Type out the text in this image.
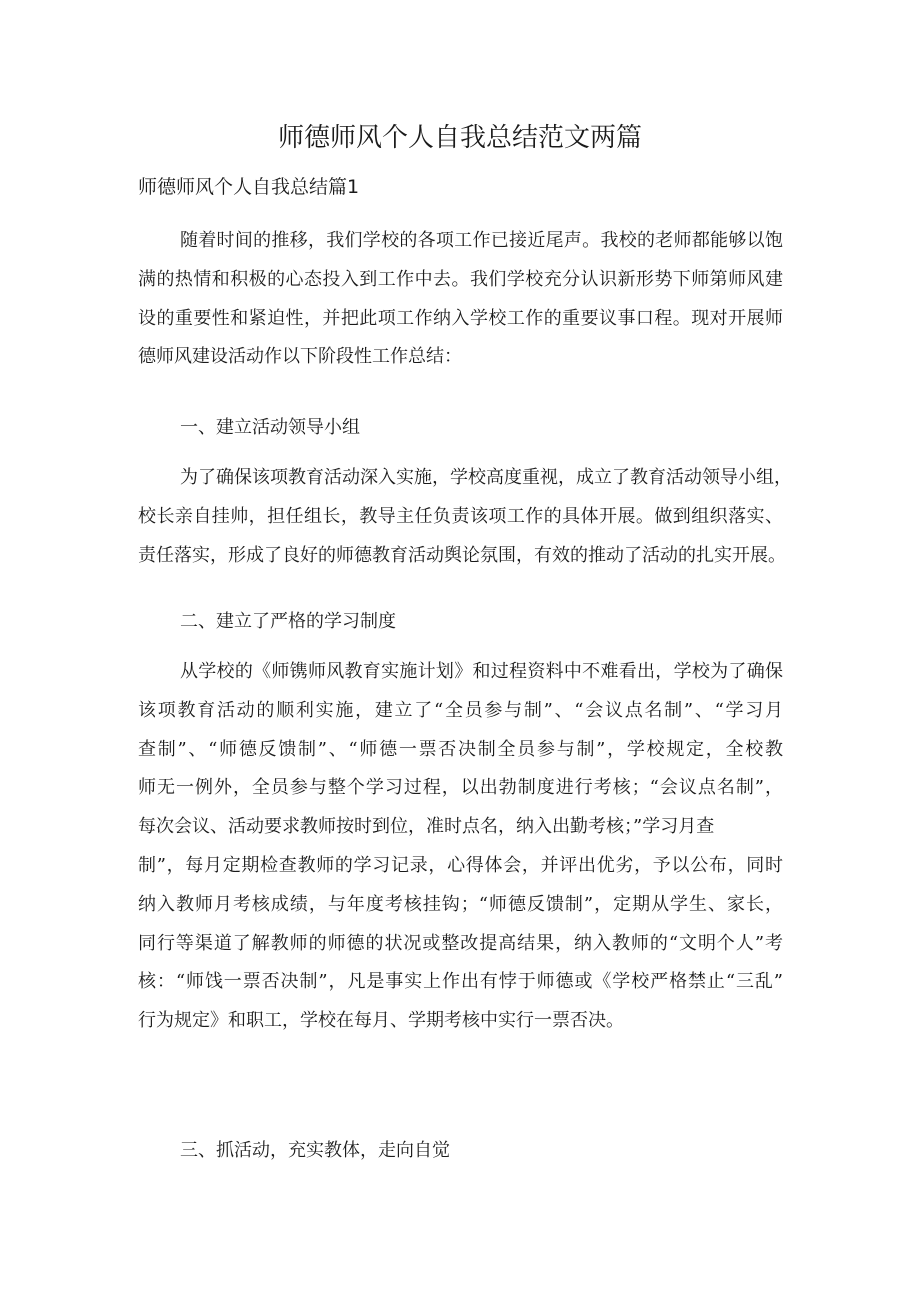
师德师风个人自我总结范文两篇
师德师风个人自我总结篇1
随着时间的推移，我们学校的各项工作已接近尾声。我校的老师都能够以饱
满的热情和积极的心态投入到工作中去。我们学校充分认识新形势下师第师风建
设的重要性和紧迫性，并把此项工作纳入学校工作的重要议事口程。现对开展师
德师风建设活动作以下阶段性工作总结：
一、建立活动领导小组
为了确保该项教育活动深入实施，学校高度重视，成立了教育活动领导小组，
校长亲自挂帅，担任组长，教导主任负责该项工作的具体开展。做到组织落实、
责任落实，形成了良好的师德教育活动舆论氛围，有效的推动了活动的扎实开展。
二、建立了严格的学习制度
从学校的《师镌师风教育实施计划》和过程资料中不难看出，学校为了确保
该项教育活动的顺利实施，建立了“全员参与制”、“会议点名制”、“学习月
查制”、“师德反馈制”、“师德一票否决制全员参与制”，学校规定，全校教
师无一例外，全员参与整个学习过程，以出勃制度进行考核；“会议点名制”，
每次会议、活动要求教师按时到位，准时点名，纳入出勤考核；”学习月查
制”，每月定期检查教师的学习记录，心得体会，并评出优劣，予以公布，同时
纳入教师月考核成绩，与年度考核挂钩；“师德反馈制”，定期从学生、家长，
同行等渠道了解教师的师德的状况或整改提高结果，纳入教师的“文明个人”考
核：“师饯一票否决制”，凡是事实上作出有悖于师德或《学校严格禁止“三乱”
行为规定》和职工，学校在每月、学期考核中实行一票否决。
三、抓活动，充实教体，走向自觉
